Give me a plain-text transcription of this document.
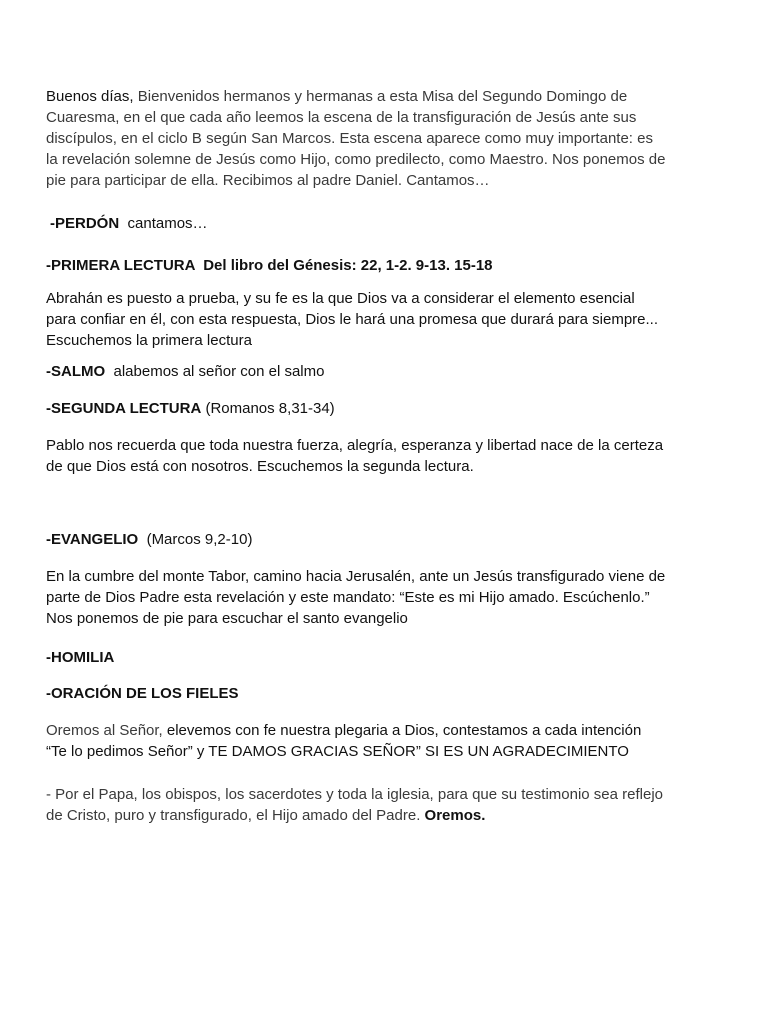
Buenos días, Bienvenidos hermanos y hermanas a esta Misa del Segundo Domingo de Cuaresma, en el que cada año leemos la escena de la transfiguración de Jesús ante sus discípulos, en el ciclo B según San Marcos. Esta escena aparece como muy importante: es la revelación solemne de Jesús como Hijo, como predilecto, como Maestro. Nos ponemos de pie para participar de ella. Recibimos al padre Daniel. Cantamos…

-PERDÓN  cantamos…

-PRIMERA LECTURA  Del libro del Génesis: 22, 1-2. 9-13. 15-18

Abrahán es puesto a prueba, y su fe es la que Dios va a considerar el elemento esencial para confiar en él, con esta respuesta, Dios le hará una promesa que durará para siempre... Escuchemos la primera lectura

-SALMO  alabemos al señor con el salmo

-SEGUNDA LECTURA (Romanos 8,31-34)

Pablo nos recuerda que toda nuestra fuerza, alegría, esperanza y libertad nace de la certeza de que Dios está con nosotros. Escuchemos la segunda lectura.

-EVANGELIO  (Marcos 9,2-10)

En la cumbre del monte Tabor, camino hacia Jerusalén, ante un Jesús transfigurado viene de parte de Dios Padre esta revelación y este mandato: “Este es mi Hijo amado. Escúchenlo.” Nos ponemos de pie para escuchar el santo evangelio

-HOMILIA

-ORACIÓN DE LOS FIELES

Oremos al Señor, elevemos con fe nuestra plegaria a Dios, contestamos a cada intención “Te lo pedimos Señor” y TE DAMOS GRACIAS SEÑOR” SI ES UN AGRADECIMIENTO

- Por el Papa, los obispos, los sacerdotes y toda la iglesia, para que su testimonio sea reflejo de Cristo, puro y transfigurado, el Hijo amado del Padre. Oremos.
